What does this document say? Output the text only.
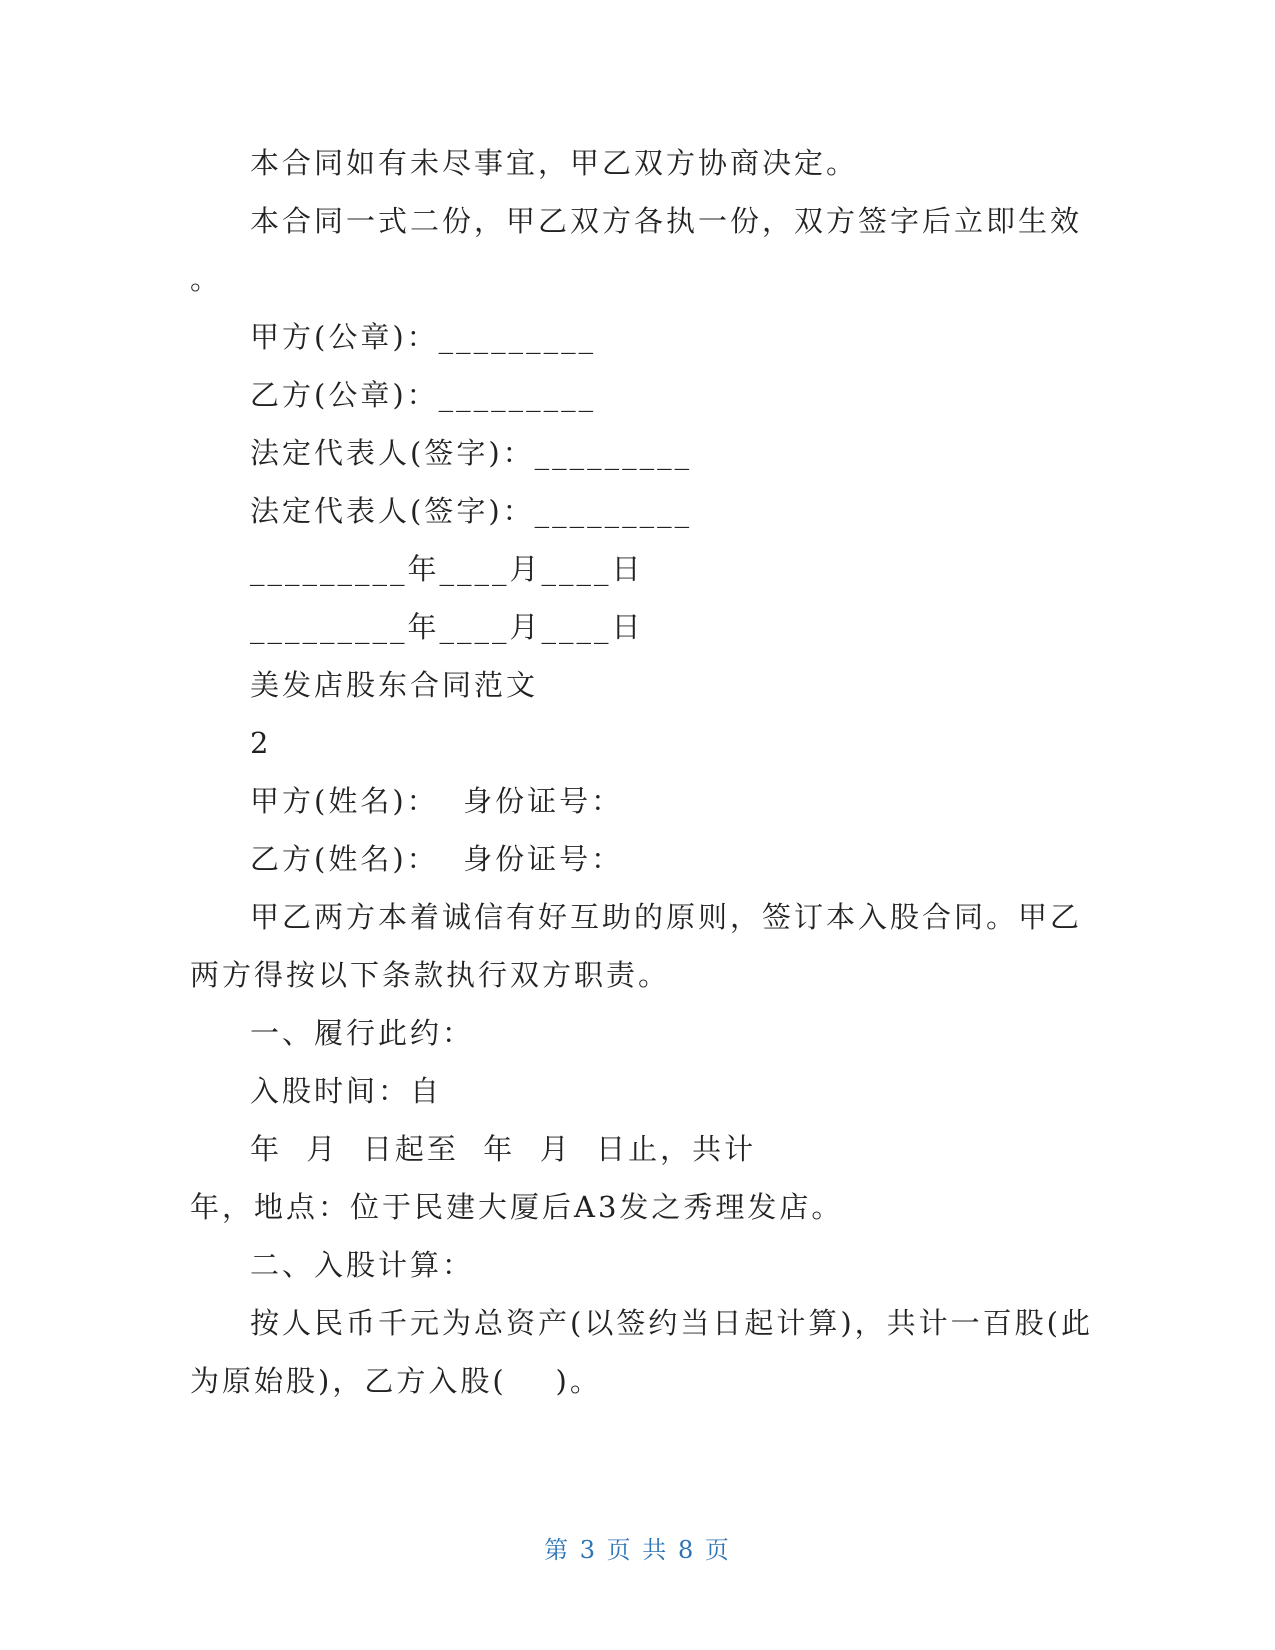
本合同如有未尽事宜，甲乙双方协商决定。
本合同一式二份，甲乙双方各执一份，双方签字后立即生效
。
甲方(公章)：_________
乙方(公章)：_________
法定代表人(签字)：_________
法定代表人(签字)：_________
_________年____月____日
_________年____月____日
美发店股东合同范文
2
甲方(姓名)：  身份证号：
乙方(姓名)：  身份证号：
甲乙两方本着诚信有好互助的原则，签订本入股合同。甲乙
两方得按以下条款执行双方职责。
一、履行此约：
入股时间：自
年  月  日起至  年  月  日止，共计
年，地点：位于民建大厦后A3发之秀理发店。
二、入股计算：
按人民币千元为总资产(以签约当日起计算)，共计一百股(此
为原始股)，乙方入股(    )。
第 3 页 共 8 页
